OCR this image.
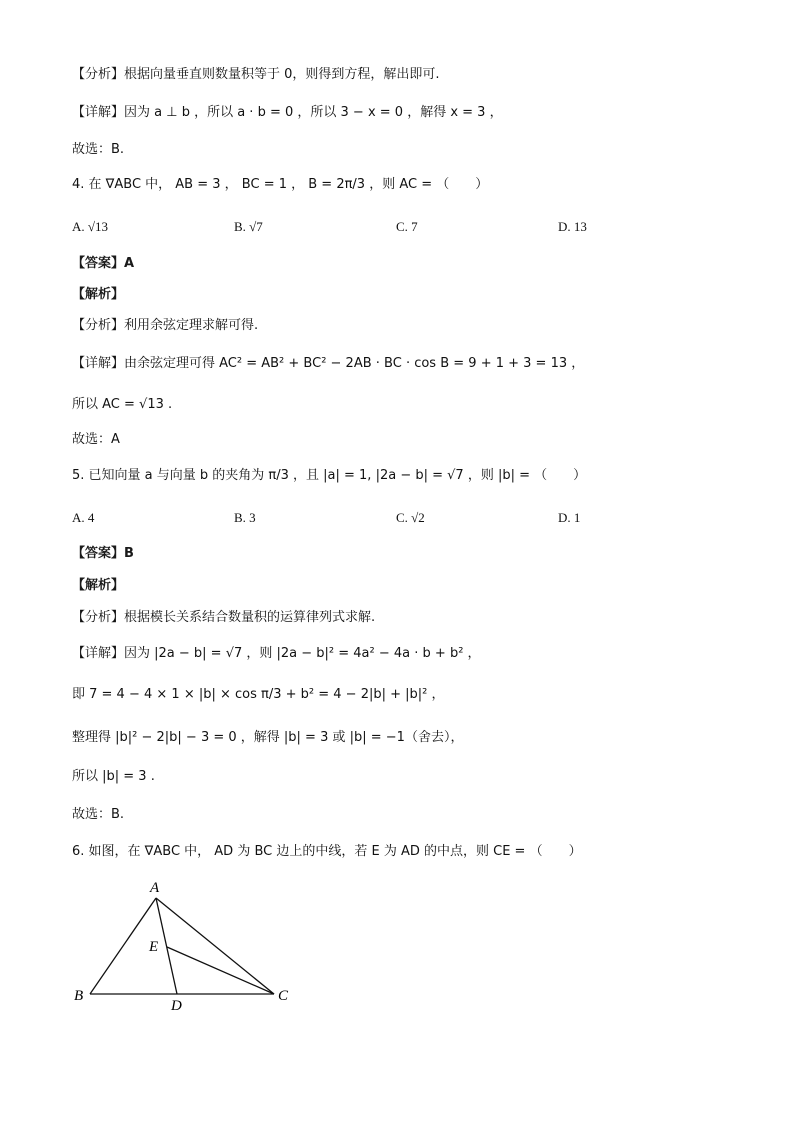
【分析】根据向量垂直则数量积等于 0，则得到方程，解出即可.
【详解】因为 a ⊥ b ，所以 a · b = 0 ，所以 3 − x = 0 ，解得 x = 3 ，
故选：B.
4. 在 ∇ABC 中， AB = 3 ， BC = 1 ， B = 2π/3 ，则 AC = （　　）
A. √13	B. √7	C. 7	D. 13
【答案】A
【解析】
【分析】利用余弦定理求解可得.
【详解】由余弦定理可得 AC² = AB² + BC² − 2AB · BC · cos B = 9 + 1 + 3 = 13 ，
所以 AC = √13 .
故选：A
5. 已知向量 a 与向量 b 的夹角为 π/3 ，且 |a| = 1, |2a − b| = √7 ，则 |b| = （　　）
A. 4	B. 3	C. √2	D. 1
【答案】B
【解析】
【分析】根据模长关系结合数量积的运算律列式求解.
【详解】因为 |2a − b| = √7 ，则 |2a − b|² = 4a² − 4a · b + b² ，
即 7 = 4 − 4 × 1 × |b| × cos π/3 + b² = 4 − 2|b| + |b|² ，
整理得 |b|² − 2|b| − 3 = 0 ，解得 |b| = 3 或 |b| = −1（舍去），
所以 |b| = 3 .
故选：B.
6. 如图，在 ∇ABC 中， AD 为 BC 边上的中线，若 E 为 AD 的中点，则 CE = （　　）
A
B	C
D
E
